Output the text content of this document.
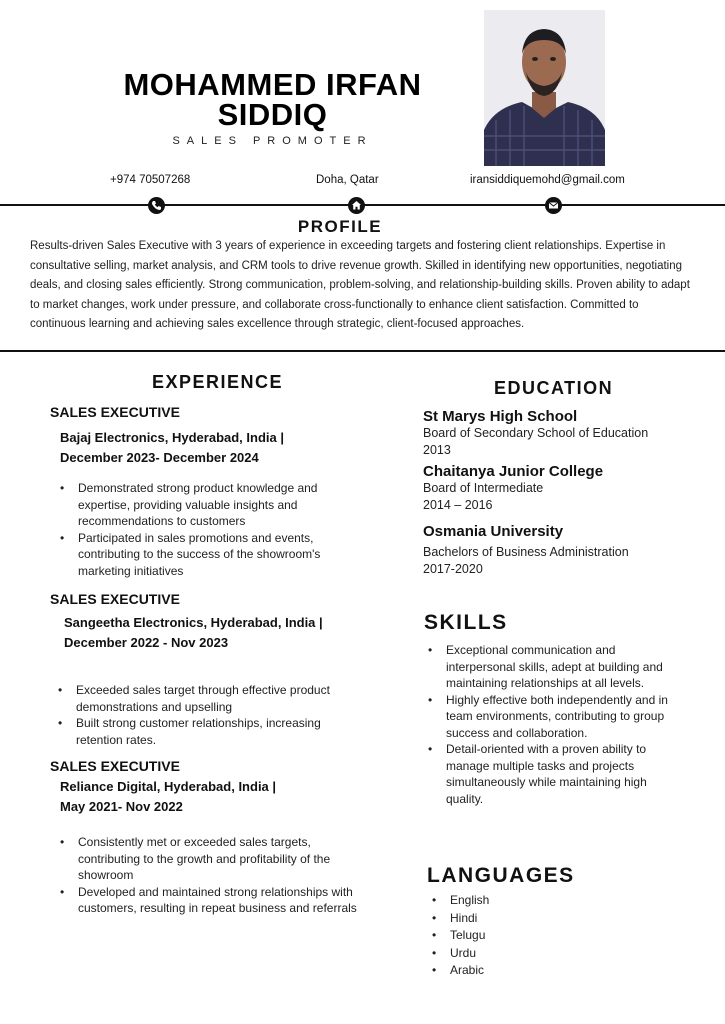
MOHAMMED IRFAN
SIDDIQ
SALES PROMOTER
+974 70507268	Doha, Qatar	iransiddiquemohd@gmail.com
PROFILE
Results-driven Sales Executive with 3 years of experience in exceeding targets and fostering client relationships. Expertise in consultative selling, market analysis, and CRM tools to drive revenue growth. Skilled in identifying new opportunities, negotiating deals, and closing sales efficiently. Strong communication, problem-solving, and relationship-building skills. Proven ability to adapt to market changes, work under pressure, and collaborate cross-functionally to enhance client satisfaction. Committed to continuous learning and achieving sales excellence through strategic, client-focused approaches.
EXPERIENCE
SALES EXECUTIVE
Bajaj Electronics, Hyderabad, India |
December 2023- December 2024
• Demonstrated strong product knowledge and expertise, providing valuable insights and recommendations to customers
• Participated in sales promotions and events, contributing to the success of the showroom's marketing initiatives
SALES EXECUTIVE
Sangeetha Electronics, Hyderabad, India |
December 2022 - Nov 2023
• Exceeded sales target through effective product demonstrations and upselling
• Built strong customer relationships, increasing retention rates.
SALES EXECUTIVE
Reliance Digital, Hyderabad, India |
May 2021- Nov 2022
• Consistently met or exceeded sales targets, contributing to the growth and profitability of the showroom
• Developed and maintained strong relationships with customers, resulting in repeat business and referrals
EDUCATION
St Marys High School
Board of Secondary School of Education
2013
Chaitanya Junior College
Board of Intermediate
2014 – 2016
Osmania University
Bachelors of Business Administration
2017-2020
SKILLS
• Exceptional communication and interpersonal skills, adept at building and maintaining relationships at all levels.
• Highly effective both independently and in team environments, contributing to group success and collaboration.
• Detail-oriented with a proven ability to manage multiple tasks and projects simultaneously while maintaining high quality.
LANGUAGES
• English
• Hindi
• Telugu
• Urdu
• Arabic
